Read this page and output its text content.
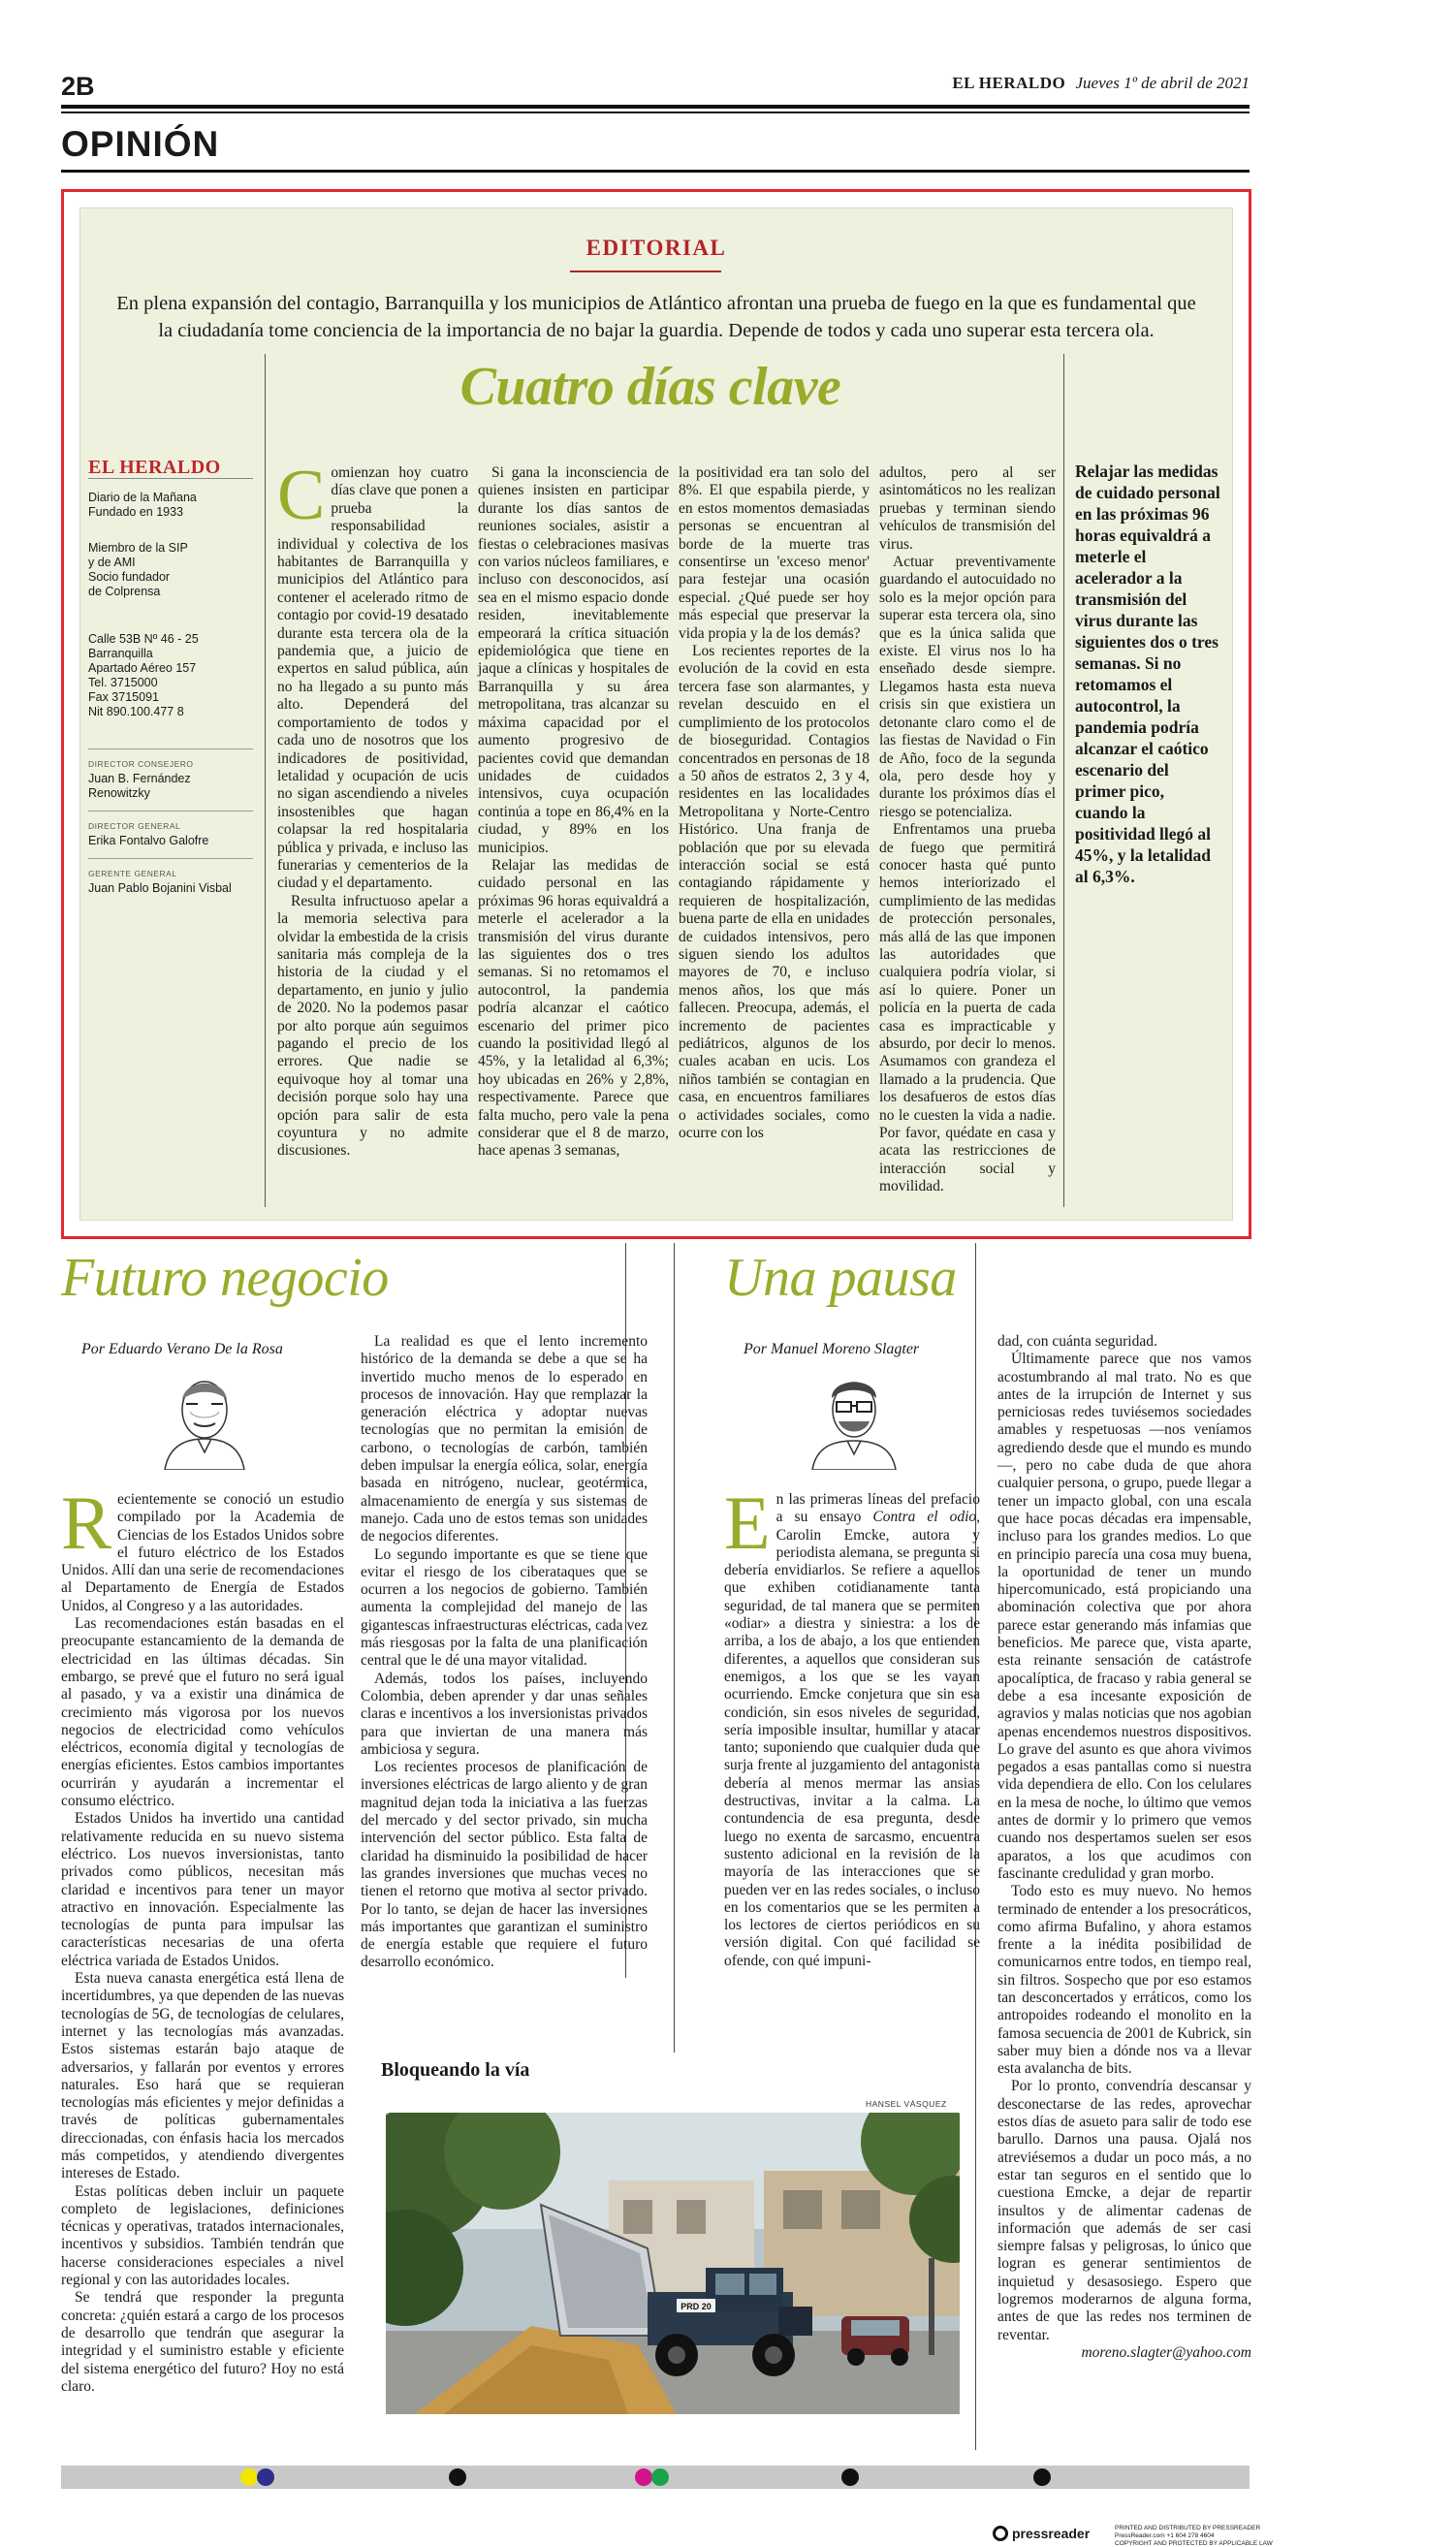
2B	EL HERALDO Jueves 1º de abril de 2021
OPINIÓN
EDITORIAL
En plena expansión del contagio, Barranquilla y los municipios de Atlántico afrontan una prueba de fuego en la que es fundamental que la ciudadanía tome conciencia de la importancia de no bajar la guardia. Depende de todos y cada uno superar esta tercera ola.
Cuatro días clave
EL HERALDO
Diario de la Mañana
Fundado en 1933
Miembro de la SIP
y de AMI
Socio fundador
de Colprensa
Calle 53B Nº 46 - 25
Barranquilla
Apartado Aéreo 157
Tel. 3715000
Fax 3715091
Nit 890.100.477 8
DIRECTOR CONSEJERO
Juan B. Fernández Renowitzky
DIRECTOR GENERAL
Erika Fontalvo Galofre
GERENTE GENERAL
Juan Pablo Bojanini Visbal
C omienzan hoy cuatro días clave que ponen a prueba la responsabilidad individual y colectiva de los habitantes de Barranquilla y municipios del Atlántico para contener el acelerado ritmo de contagio por covid-19 desatado durante esta tercera ola de la pandemia que, a juicio de expertos en salud pública, aún no ha llegado a su punto más alto. Dependerá del comportamiento de todos y cada uno de nosotros que los indicadores de positividad, letalidad y ocupación de ucis no sigan ascendiendo a niveles insostenibles que hagan colapsar la red hospitalaria pública y privada, e incluso las funerarias y cementerios de la ciudad y el departamento.

Resulta infructuoso apelar a la memoria selectiva para olvidar la embestida de la crisis sanitaria más compleja de la historia de la ciudad y el departamento, en junio y julio de 2020. No la podemos pasar por alto porque aún seguimos pagando el precio de los errores. Que nadie se equivoque hoy al tomar una decisión porque solo hay una opción para salir de esta coyuntura y no admite discusiones.

Si gana la inconsciencia de quienes insisten en participar durante los días santos de reuniones sociales, asistir a fiestas o celebraciones masivas con varios núcleos familiares, e incluso con desconocidos, así sea en el mismo espacio donde residen, inevitablemente empeorará la crítica situación epidemiológica que tiene en jaque a clínicas y hospitales de Barranquilla y su área metropolitana, tras alcanzar su máxima capacidad por el aumento progresivo de pacientes covid que demandan unidades de cuidados intensivos, cuya ocupación continúa a tope en 86,4% en la ciudad, y 89% en los municipios.

Relajar las medidas de cuidado personal en las próximas 96 horas equivaldrá a meterle el acelerador a la transmisión del virus durante las siguientes dos o tres semanas. Si no retomamos el autocontrol, la pandemia podría alcanzar el caótico escenario del primer pico cuando la positividad llegó al 45%, y la letalidad al 6,3%; hoy ubicadas en 26% y 2,8%, respectivamente. Parece que falta mucho, pero vale la pena considerar que el 8 de marzo, hace apenas 3 semanas,

la positividad era tan solo del 8%. El que espabila pierde, y en estos momentos demasiadas personas se encuentran al borde de la muerte tras consentirse un 'exceso menor' para festejar una ocasión especial. ¿Qué puede ser hoy más especial que preservar la vida propia y la de los demás?

Los recientes reportes de la evolución de la covid en esta tercera fase son alarmantes, y revelan descuido en el cumplimiento de los protocolos de bioseguridad. Contagios concentrados en personas de 18 a 50 años de estratos 2, 3 y 4, residentes en las localidades Metropolitana y Norte-Centro Histórico. Una franja de población que por su elevada interacción social se está contagiando rápidamente y requieren de hospitalización, buena parte de ella en unidades de cuidados intensivos, pero siguen siendo los adultos mayores de 70, e incluso menos años, los que más fallecen. Preocupa, además, el incremento de pacientes pediátricos, algunos de los cuales acaban en ucis. Los niños también se contagian en casa, en encuentros familiares o actividades sociales, como ocurre con los

adultos, pero al ser asintomáticos no les realizan pruebas y terminan siendo vehículos de transmisión del virus.

Actuar preventivamente guardando el autocuidado no solo es la mejor opción para superar esta tercera ola, sino que es la única salida que existe. El virus nos lo ha enseñado desde siempre. Llegamos hasta esta nueva crisis sin que existiera un detonante claro como el de las fiestas de Navidad o Fin de Año, foco de la segunda ola, pero desde hoy y durante los próximos días el riesgo se potencializa.

Enfrentamos una prueba de fuego que permitirá conocer hasta qué punto hemos interiorizado el cumplimiento de las medidas de protección personales, más allá de las que imponen las autoridades que cualquiera podría violar, si así lo quiere. Poner un policía en la puerta de cada casa es impracticable y absurdo, por decir lo menos. Asumamos con grandeza el llamado a la prudencia. Que los desafueros de estos días no le cuesten la vida a nadie. Por favor, quédate en casa y acata las restricciones de interacción social y movilidad.

Relajar las medidas de cuidado personal en las próximas 96 horas equivaldrá a meterle el acelerador a la transmisión del virus durante las siguientes dos o tres semanas. Si no retomamos el autocontrol, la pandemia podría alcanzar el caótico escenario del primer pico, cuando la positividad llegó al 45%, y la letalidad al 6,3%.
Futuro negocio
Por Eduardo Verano De la Rosa
R ecientemente se conoció un estudio compilado por la Academia de Ciencias de los Estados Unidos sobre el futuro eléctrico de los Estados Unidos. Allí dan una serie de recomendaciones al Departamento de Energía de Estados Unidos, al Congreso y a las autoridades.

Las recomendaciones están basadas en el preocupante estancamiento de la demanda de electricidad en las últimas décadas. Sin embargo, se prevé que el futuro no será igual al pasado, y va a existir una dinámica de crecimiento más vigorosa por los nuevos negocios de electricidad como vehículos eléctricos, economía digital y tecnologías de energías eficientes. Estos cambios importantes ocurrirán y ayudarán a incrementar el consumo eléctrico.

Estados Unidos ha invertido una cantidad relativamente reducida en su nuevo sistema eléctrico. Los nuevos inversionistas, tanto privados como públicos, necesitan más claridad e incentivos para tener un mayor atractivo en innovación. Especialmente las tecnologías de punta para impulsar las características necesarias de una oferta eléctrica variada de Estados Unidos.

Esta nueva canasta energética está llena de incertidumbres, ya que dependen de las nuevas tecnologías de 5G, de tecnologías de celulares, internet y las tecnologías más avanzadas. Estos sistemas estarán bajo ataque de adversarios, y fallarán por eventos y errores naturales. Eso hará que se requieran tecnologías más eficientes y mejor definidas a través de políticas gubernamentales direccionadas, con énfasis hacia los mercados más competidos, y atendiendo divergentes intereses de Estado.

Estas políticas deben incluir un paquete completo de legislaciones, definiciones técnicas y operativas, tratados internacionales, incentivos y subsidios. También tendrán que hacerse consideraciones especiales a nivel regional y con las autoridades locales.

Se tendrá que responder la pregunta concreta: ¿quién estará a cargo de los procesos de desarrollo que tendrán que asegurar la integridad y el suministro estable y eficiente del sistema energético del futuro? Hoy no está claro.

La realidad es que el lento incremento histórico de la demanda se debe a que se ha invertido mucho menos de lo esperado en procesos de innovación. Hay que remplazar la generación eléctrica y adoptar nuevas tecnologías que no permitan la emisión de carbono, o tecnologías de carbón, también deben impulsar la energía eólica, solar, energía basada en nitrógeno, nuclear, geotérmica, almacenamiento de energía y sus sistemas de manejo. Cada uno de estos temas son unidades de negocios diferentes.

Lo segundo importante es que se tiene que evitar el riesgo de los ciberataques que se ocurren a los negocios de gobierno. También aumenta la complejidad del manejo de las gigantescas infraestructuras eléctricas, cada vez más riesgosas por la falta de una planificación central que le dé una mayor vitalidad.

Además, todos los países, incluyendo Colombia, deben aprender y dar unas señales claras e incentivos a los inversionistas privados para que inviertan de una manera más ambiciosa y segura.

Los recientes procesos de planificación de inversiones eléctricas de largo aliento y de gran magnitud dejan toda la iniciativa a las fuerzas del mercado y del sector privado, sin mucha intervención del sector público. Esta falta de claridad ha disminuido la posibilidad de hacer las grandes inversiones que muchas veces no tienen el retorno que motiva al sector privado. Por lo tanto, se dejan de hacer las inversiones más importantes que garantizan el suministro de energía estable que requiere el futuro desarrollo económico.

Una pausa
Por Manuel Moreno Slagter
E n las primeras líneas del prefacio a su ensayo Contra el odio, Carolin Emcke, autora y periodista alemana, se pregunta si debería envidiarlos. Se refiere a aquellos que exhiben cotidianamente tanta seguridad, de tal manera que se permiten «odiar» a diestra y siniestra: a los de arriba, a los de abajo, a los que entienden diferentes, a aquellos que consideran sus enemigos, a los que se les vayan ocurriendo. Emcke conjetura que sin esa condición, sin esos niveles de seguridad, sería imposible insultar, humillar y atacar tanto; suponiendo que cualquier duda que surja frente al juzgamiento del antagonista debería al menos mermar las ansias destructivas, invitar a la calma. La contundencia de esa pregunta, desde luego no exenta de sarcasmo, encuentra sustento adicional en la revisión de la mayoría de las interacciones que se pueden ver en las redes sociales, o incluso en los comentarios que se les permiten a los lectores de ciertos periódicos en su versión digital. Con qué facilidad se ofende, con qué impuni-

dad, con cuánta seguridad.

Últimamente parece que nos vamos acostumbrando al mal trato. No es que antes de la irrupción de Internet y sus perniciosas redes tuviésemos sociedades amables y respetuosas —nos veníamos agrediendo desde que el mundo es mundo—, pero no cabe duda de que ahora cualquier persona, o grupo, puede llegar a tener un impacto global, con una escala que hace pocas décadas era impensable, incluso para los grandes medios. Lo que en principio parecía una cosa muy buena, la oportunidad de tener un mundo hipercomunicado, está propiciando una abominación colectiva que por ahora parece estar generando más infamias que beneficios. Me parece que, vista aparte, esta reinante sensación de catástrofe apocalíptica, de fracaso y rabia general se debe a esa incesante exposición de agravios y malas noticias que nos agobian apenas encendemos nuestros dispositivos. Lo grave del asunto es que ahora vivimos pegados a esas pantallas como si nuestra vida dependiera de ello. Con los celulares en la mesa de noche, lo último que vemos antes de dormir y lo primero que vemos cuando nos despertamos suelen ser esos aparatos, a los que acudimos con fascinante credulidad y gran morbo.

Todo esto es muy nuevo. No hemos terminado de entender a los presocráticos, como afirma Bufalino, y ahora estamos frente a la inédita posibilidad de comunicarnos entre todos, en tiempo real, sin filtros. Sospecho que por eso estamos tan desconcertados y erráticos, como los antropoides rodeando el monolito en la famosa secuencia de 2001 de Kubrick, sin saber muy bien a dónde nos va a llevar esta avalancha de bits.

Por lo pronto, convendría descansar y desconectarse de las redes, aprovechar estos días de asueto para salir de todo ese barullo. Darnos una pausa. Ojalá nos atreviésemos a dudar un poco más, a no estar tan seguros en el sentido que lo cuestiona Emcke, a dejar de repartir insultos y de alimentar cadenas de información que además de ser casi siempre falsas y peligrosas, lo único que logran es generar sentimientos de inquietud y desasosiego. Espero que logremos moderarnos de alguna forma, antes de que las redes nos terminen de reventar.

moreno.slagter@yahoo.com

Bloqueando la vía
HANSEL VÁSQUEZ
PRD 20
pressreader	PRINTED AND DISTRIBUTED BY PRESSREADER
PressReader.com +1 604 278 4604
COPYRIGHT AND PROTECTED BY APPLICABLE LAW
